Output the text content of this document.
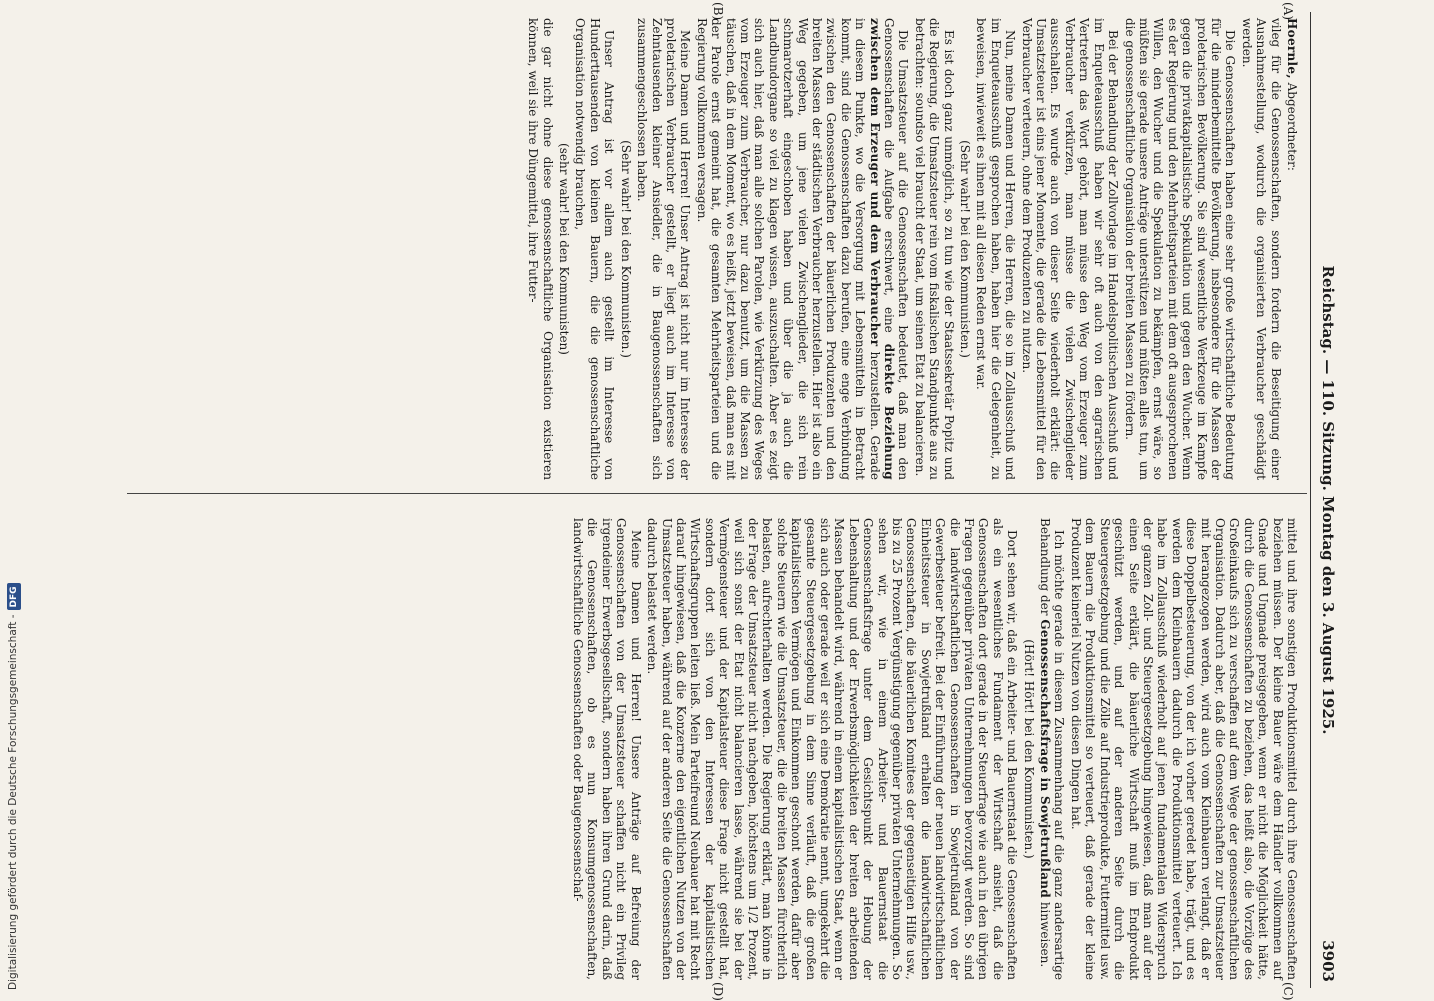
Digitalisierung gefördert durch die Deutsche Forschungsgemeinschaft -DFG	Reichstag. — 110. Sitzung. Montag den 3. August 1925.
3903
(A)
(B)
(C)
(D)

Hoernle, Abgeordneter:

vileg für die Genossenschaften, sondern fordern die Beseitigung einer Ausnahmestellung, wodurch die organisierten Verbraucher geschädigt werden.

Die Genossenschaften haben eine sehr große wirtschaftliche Bedeutung für die minderbemittelte Bevölkerung, insbesondere für die Massen der proletarischen Bevölkerung. Sie sind wesentliche Werkzeuge im Kampfe gegen die privatkapitalistische Spekulation und gegen den Wucher. Wenn es der Regierung und den Mehrheitsparteien mit dem oft ausgesprochenen Willen, den Wucher und die Spekulation zu bekämpfen, ernst wäre, so müßten sie gerade unsere Anträge unterstützen und müßten alles tun, um die genossenschaftliche Organisation der breiten Massen zu fördern.

Bei der Behandlung der Zollvorlage im Handelspolitischen Ausschuß und im Enqueteausschuß haben wir sehr oft auch von den agrarischen Vertretern das Wort gehört, man müsse den Weg vom Erzeuger zum Verbraucher verkürzen, man müsse die vielen Zwischenglieder ausschalten. Es wurde auch von dieser Seite wiederholt erklärt: die Umsatzsteuer ist eins jener Momente, die gerade die Lebensmittel für den Verbraucher verteuern, ohne dem Produzenten zu nutzen.

Nun, meine Damen und Herren, die Herren, die so im Zollausschuß und im Enqueteausschuß gesprochen haben, haben hier die Gelegenheit, zu beweisen, inwieweit es ihnen mit all diesen Reden ernst war.

(Sehr wahr! bei den Kommunisten.)

Es ist doch ganz unmöglich, so zu tun wie der Staatssekretär Popitz und die Regierung, die Umsatzsteuer rein vom fiskalischen Standpunkte aus zu betrachten: soundso viel braucht der Staat, um seinen Etat zu balancieren.

Die Umsatzsteuer auf die Genossenschaften bedeutet, daß man den Genossenschaften die Aufgabe erschwert, eine direkte Beziehung zwischen dem Erzeuger und dem Verbraucher herzustellen. Gerade in diesem Punkte, wo die Versorgung mit Lebensmitteln in Betracht kommt, sind die Genossenschaften dazu berufen, eine enge Verbindung zwischen den Genossenschaften der bäuerlichen Produzenten und den breiten Massen der städtischen Verbraucher herzustellen. Hier ist also ein Weg gegeben, um jene vielen Zwischenglieder, die sich rein schmarotzerhaft eingeschoben haben und über die ja auch die Landbundorgane so viel zu klagen wissen, auszuschalten. Aber es zeigt sich auch hier, daß man alle solchen Parolen, wie Verkürzung des Weges vom Erzeuger zum Verbraucher, nur dazu benutzt, um die Massen zu täuschen, daß in dem Moment, wo es heißt, jetzt beweisen, daß man es mit der Parole ernst gemeint hat, die gesamten Mehrheitsparteien und die Regierung vollkommen versagen.

Meine Damen und Herren! Unser Antrag ist nicht nur im Interesse der proletarischen Verbraucher gestellt, er liegt auch im Interesse von Zehntausenden kleiner Ansiedler, die in Baugenossenschaften sich zusammengeschlossen haben.

(Sehr wahr! bei den Kommunisten.)

Unser Antrag ist vor allem auch gestellt im Interesse von Hunderttausenden von kleinen Bauern, die die genossenschaftliche Organisation notwendig brauchen,

(sehr wahr! bei den Kommunisten)

die gar nicht ohne diese genossenschaftliche Organisation existieren können, weil sie ihre Düngemittel, ihre Futter-

mittel und ihre sonstigen Produktionsmittel durch ihre Genossenschaften beziehen müssen. Der kleine Bauer wäre dem Händler vollkommen auf Gnade und Ungnade preisgegeben, wenn er nicht die Möglichkeit hätte, durch die Genossenschaften zu beziehen, das heißt also, die Vorzüge des Großeinkaufs sich zu verschaffen auf dem Wege der genossenschaftlichen Organisation. Dadurch aber, daß die Genossenschaften zur Umsatzsteuer mit herangezogen werden, wird auch vom Kleinbauern verlangt, daß er diese Doppelbesteuerung, von der ich vorher geredet habe, trägt, und es werden dem Kleinbauern dadurch die Produktionsmittel verteuert. Ich habe im Zollausschuß wiederholt auf jenen fundamentalen Widerspruch der ganzen Zoll- und Steuergesetzgebung hingewiesen, daß man auf der einen Seite erklärt, die bäuerliche Wirtschaft muß im Endprodukt geschützt werden, und auf der anderen Seite durch die Steuergesetzgebung und die Zölle auf Industrieprodukte, Futtermittel usw. dem Bauern die Produktionsmittel so verteuert, daß gerade der kleine Produzent keinerlei Nutzen von diesen Dingen hat.

Ich möchte gerade in diesem Zusammenhang auf die ganz andersartige Behandlung der Genossenschaftsfrage in Sowjetrußland hinweisen.

(Hört! Hört! bei den Kommunisten.)

Dort sehen wir, daß ein Arbeiter- und Bauernstaat die Genossenschaften als ein wesentliches Fundament der Wirtschaft ansieht, daß die Genossenschaften dort gerade in der Steuerfrage wie auch in den übrigen Fragen gegenüber privaten Unternehmungen bevorzugt werden. So sind die landwirtschaftlichen Genossenschaften in Sowjetrußland von der Gewerbesteuer befreit. Bei der Einführung der neuen landwirtschaftlichen Einheitssteuer in Sowjetrußland erhalten die landwirtschaftlichen Genossenschaften, die bäuerlichen Komitees der gegenseitigen Hilfe usw., bis zu 25 Prozent Vergünstigung gegenüber privaten Unternehmungen. So sehen wir, wie in einem Arbeiter- und Bauernstaat die Genossenschaftsfrage unter dem Gesichtspunkt der Hebung der Lebenshaltung und der Erwerbsmöglichkeiten der breiten arbeitenden Massen behandelt wird, während in einem kapitalistischen Staat, wenn er sich auch oder gerade weil er sich eine Demokratie nennt, umgekehrt die gesamte Steuergesetzgebung in dem Sinne verläuft, daß die großen kapitalistischen Vermögen und Einkommen geschont werden, dafür aber solche Steuern wie die Umsatzsteuer, die die breiten Massen fürchterlich belasten, aufrechterhalten werden. Die Regierung erklärt, man könne in der Frage der Umsatzsteuer nicht nachgeben, höchstens um 1/2 Prozent, weil sich sonst der Etat nicht balancieren lasse, während sie bei der Vermögensteuer und der Kapitalsteuer diese Frage nicht gestellt hat, sondern dort sich von den Interessen der kapitalistischen Wirtschaftsgruppen leiten ließ. Mein Parteifreund Neubauer hat mit Recht darauf hingewiesen, daß die Konzerne den eigentlichen Nutzen von der Umsatzsteuer haben, während auf der anderen Seite die Genossenschaften dadurch belastet werden.

Meine Damen und Herren! Unsere Anträge auf Befreiung der Genossenschaften von der Umsatzsteuer schaffen nicht ein Privileg irgendeiner Erwerbsgesellschaft, sondern haben ihren Grund darin, daß die Genossenschaften, ob es nun Konsumgenossenschaften, landwirtschaftliche Genossenschaften oder Baugenossenschaf-
